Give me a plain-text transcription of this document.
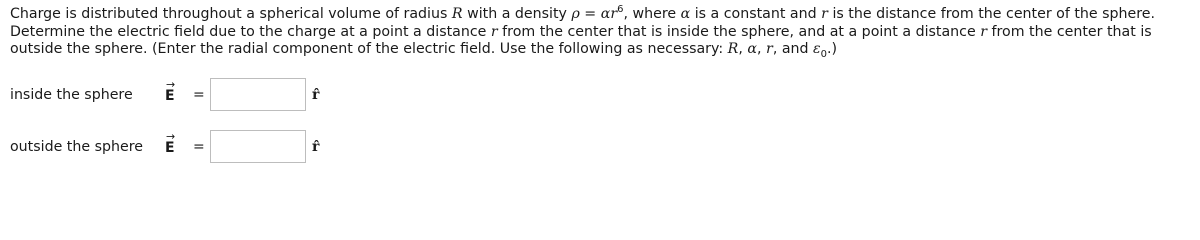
Charge is distributed throughout a spherical volume of radius R with a density $\rho = \alpha r^6$, where α is a constant and r is the distance from the center of the sphere. Determine the electric field due to the charge at a point a distance r from the center that is inside the sphere, and at a point a distance r from the center that is outside the sphere. (Enter the radial component of the electric field. Use the following as necessary: R, α, r, and $\varepsilon_0$.)
inside the sphere
→
E =	r̂
outside the sphere
→
E =	r̂
